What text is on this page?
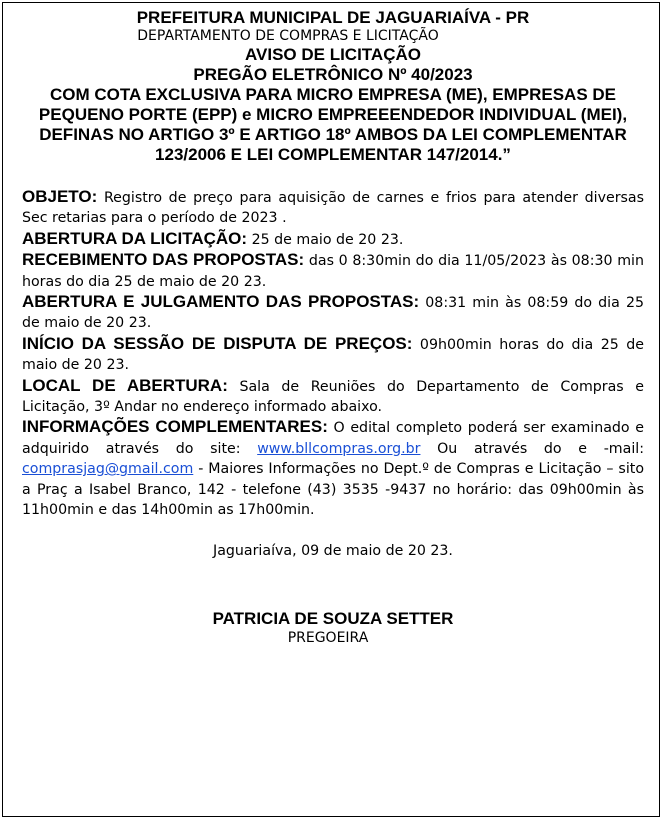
PREFEITURA MUNICIPAL DE JAGUARIAÍVA - PR
DEPARTAMENTO DE COMPRAS E LICITAÇÃO
AVISO DE LICITAÇÃO
PREGÃO ELETRÔNICO Nº 40/2023
COM COTA EXCLUSIVA PARA MICRO EMPRESA (ME), EMPRESAS DE PEQUENO PORTE (EPP) e MICRO EMPREEENDEDOR INDIVIDUAL (MEI), DEFINAS NO ARTIGO 3º E ARTIGO 18º AMBOS DA LEI COMPLEMENTAR 123/2006 E LEI COMPLEMENTAR 147/2014.”

OBJETO: Registro de preço para aquisição de carnes e frios para atender diversas Sec retarias para o período de 2023 .

ABERTURA DA LICITAÇÃO: 25 de maio de 20 23.

RECEBIMENTO DAS PROPOSTAS: das 0 8:30min do dia 11/05/2023 às 08:30 min horas do dia 25 de maio de 20 23.

ABERTURA E JULGAMENTO DAS PROPOSTAS: 08:31 min às 08:59 do dia 25 de maio de 20 23.

INÍCIO DA SESSÃO DE DISPUTA DE PREÇOS: 09h00min horas do dia 25 de maio de 20 23.

LOCAL DE ABERTURA: Sala de Reuniões do Departamento de Compras e Licitação, 3º Andar no endereço informado abaixo.

INFORMAÇÕES COMPLEMENTARES: O edital completo poderá ser examinado e adquirido através do site: www.bllcompras.org.br Ou através do e -mail: comprasjag@gmail.com - Maiores Informações no Dept.º de Compras e Licitação – sito a Praç a Isabel Branco, 142 - telefone (43) 3535 -9437 no horário: das 09h00min às 11h00min e das 14h00min as 17h00min.

Jaguariaíva, 09 de maio de 20 23.
PATRICIA DE SOUZA SETTER
PREGOEIRA
